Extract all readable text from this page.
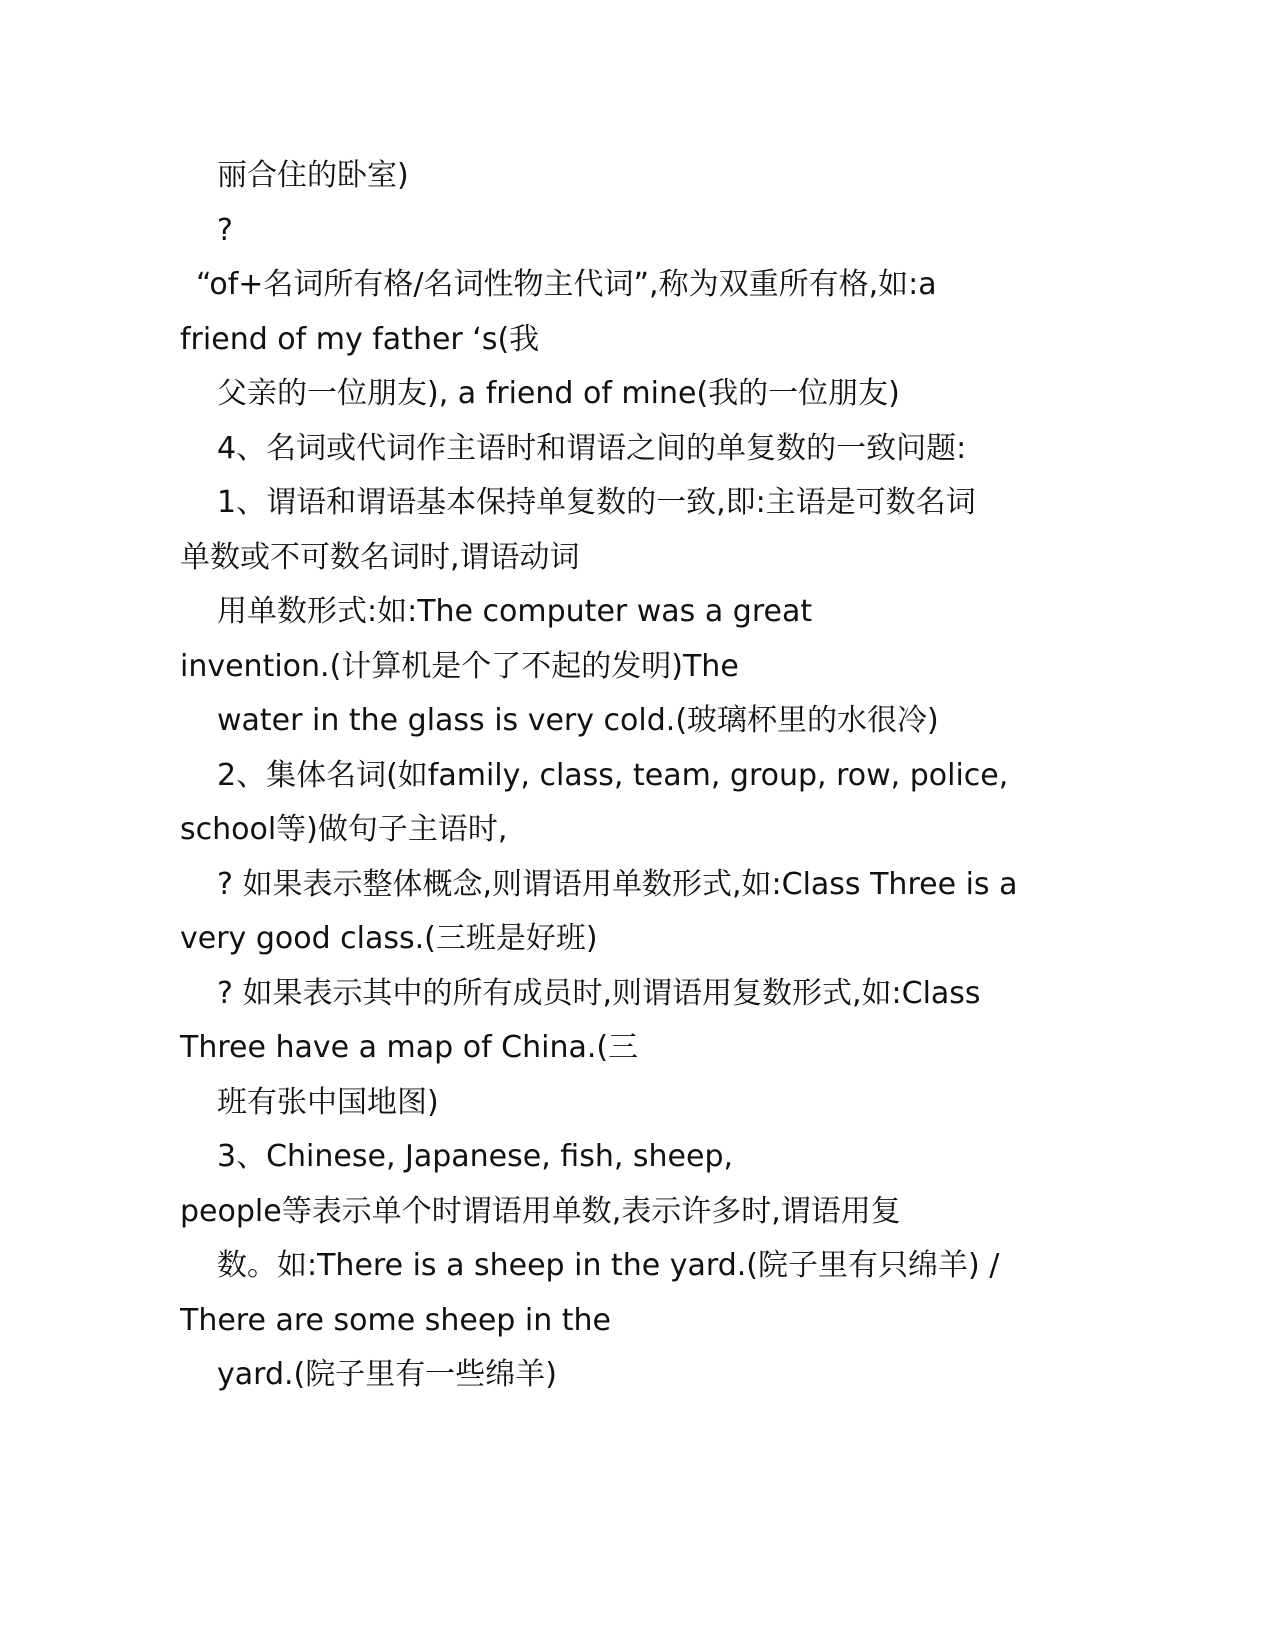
丽合住的卧室)
?
“of+名词所有格/名词性物主代词”,称为双重所有格,如:a
friend of my father ‘s(我
父亲的一位朋友), a friend of mine(我的一位朋友)
4、名词或代词作主语时和谓语之间的单复数的一致问题:
1、谓语和谓语基本保持单复数的一致,即:主语是可数名词
单数或不可数名词时,谓语动词
用单数形式:如:The computer was a great
invention.(计算机是个了不起的发明)The
water in the glass is very cold.(玻璃杯里的水很冷)
2、集体名词(如family, class, team, group, row, police,
school等)做句子主语时,
? 如果表示整体概念,则谓语用单数形式,如:Class Three is a
very good class.(三班是好班)
? 如果表示其中的所有成员时,则谓语用复数形式,如:Class
Three have a map of China.(三
班有张中国地图)
3、Chinese, Japanese, fish, sheep,
people等表示单个时谓语用单数,表示许多时,谓语用复
数。如:There is a sheep in the yard.(院子里有只绵羊) /
There are some sheep in the
yard.(院子里有一些绵羊)
